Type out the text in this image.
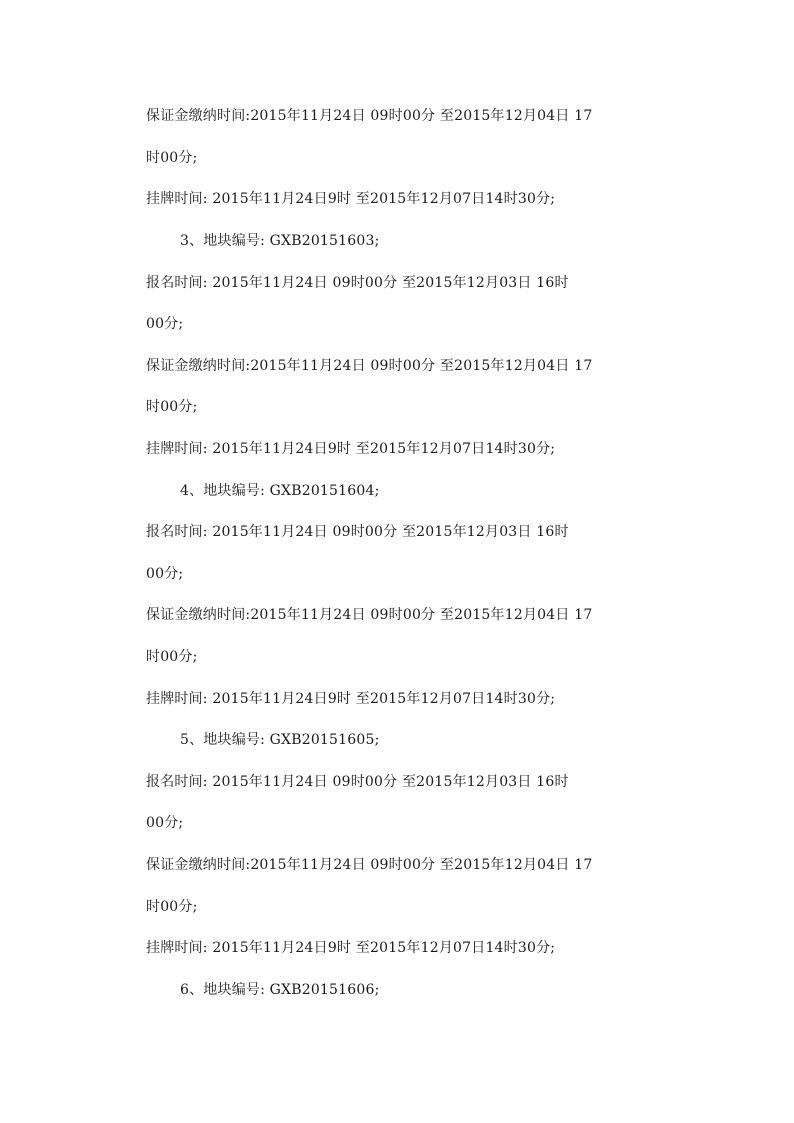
保证金缴纳时间:2015年11月24日 09时00分 至2015年12月04日 17
时00分;
挂牌时间: 2015年11月24日9时 至2015年12月07日14时30分;
3、地块编号: GXB20151603;
报名时间: 2015年11月24日 09时00分 至2015年12月03日 16时
00分;
保证金缴纳时间:2015年11月24日 09时00分 至2015年12月04日 17
时00分;
挂牌时间: 2015年11月24日9时 至2015年12月07日14时30分;
4、地块编号: GXB20151604;
报名时间: 2015年11月24日 09时00分 至2015年12月03日 16时
00分;
保证金缴纳时间:2015年11月24日 09时00分 至2015年12月04日 17
时00分;
挂牌时间: 2015年11月24日9时 至2015年12月07日14时30分;
5、地块编号: GXB20151605;
报名时间: 2015年11月24日 09时00分 至2015年12月03日 16时
00分;
保证金缴纳时间:2015年11月24日 09时00分 至2015年12月04日 17
时00分;
挂牌时间: 2015年11月24日9时 至2015年12月07日14时30分;
6、地块编号: GXB20151606;
